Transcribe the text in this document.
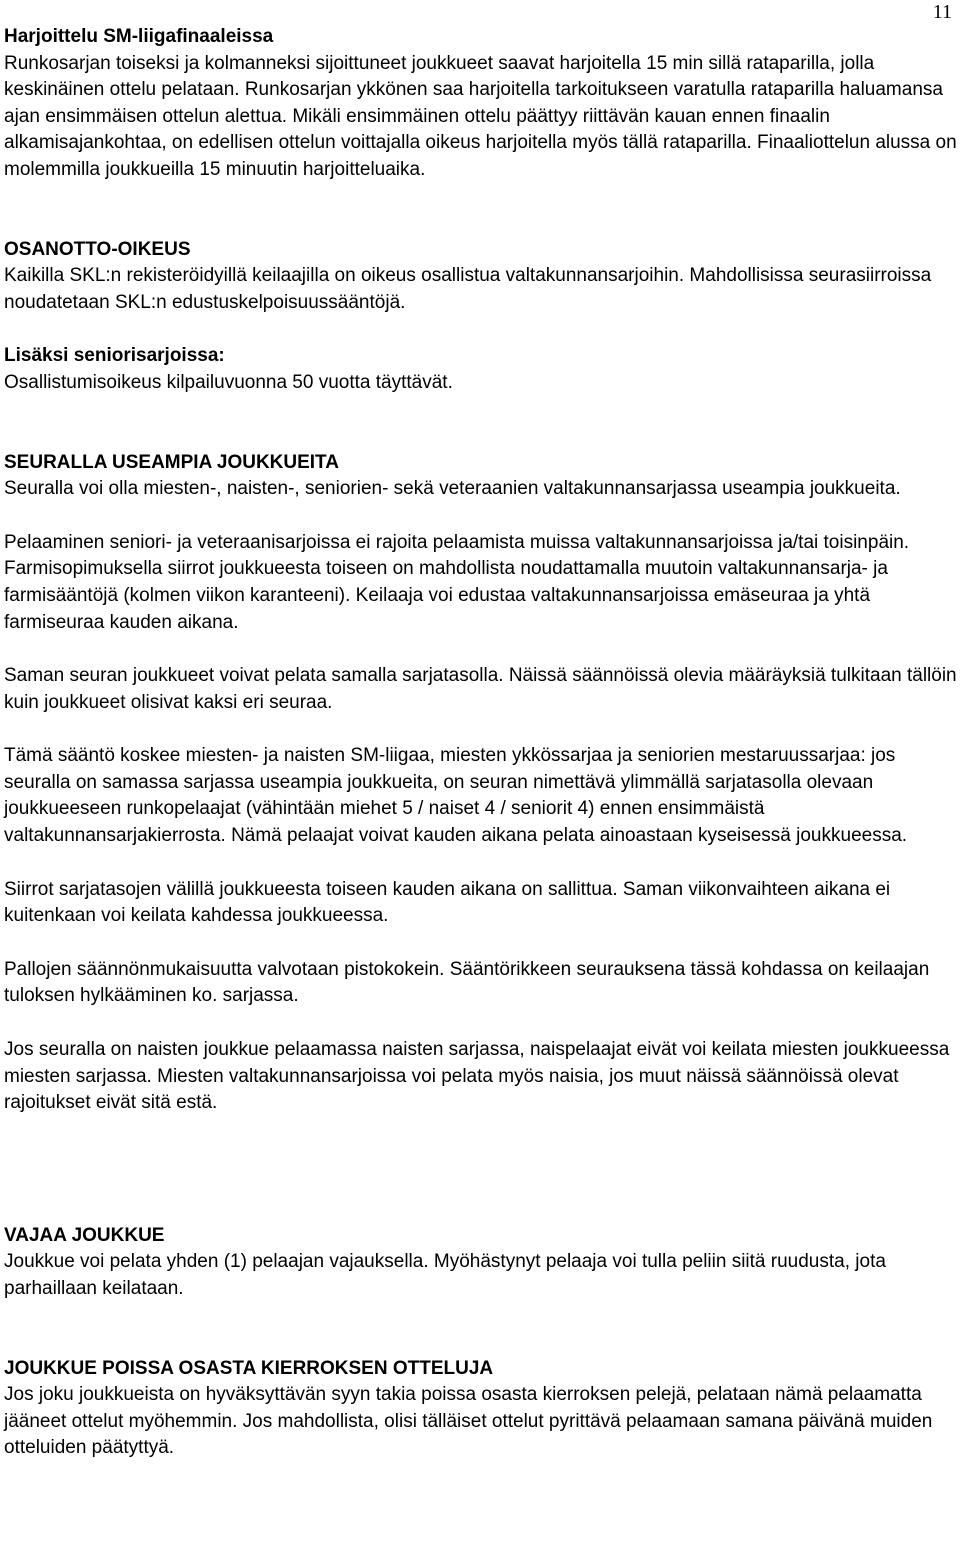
11

Harjoittelu SM-liigafinaaleissa

Runkosarjan toiseksi ja kolmanneksi sijoittuneet joukkueet saavat harjoitella 15 min sillä rataparilla, jolla keskinäinen ottelu pelataan. Runkosarjan ykkönen saa harjoitella tarkoitukseen varatulla rataparilla haluamansa ajan ensimmäisen ottelun alettua. Mikäli ensimmäinen ottelu päättyy riittävän kauan ennen finaalin alkamisajankohtaa, on edellisen ottelun voittajalla oikeus harjoitella myös tällä rataparilla. Finaaliottelun alussa on molemmilla joukkueilla 15 minuutin harjoitteluaika.

OSANOTTO-OIKEUS

Kaikilla SKL:n rekisteröidyillä keilaajilla on oikeus osallistua valtakunnansarjoihin. Mahdollisissa seurasiirroissa noudatetaan SKL:n edustuskelpoisuussääntöjä.

Lisäksi seniorisarjoissa:

Osallistumisoikeus kilpailuvuonna 50 vuotta täyttävät.

SEURALLA USEAMPIA JOUKKUEITA

Seuralla voi olla miesten-, naisten-, seniorien- sekä veteraanien valtakunnansarjassa useampia joukkueita.

Pelaaminen seniori- ja veteraanisarjoissa ei rajoita pelaamista muissa valtakunnansarjoissa ja/tai toisinpäin. Farmisopimuksella siirrot joukkueesta toiseen on mahdollista noudattamalla muutoin valtakunnansarja- ja farmisääntöjä (kolmen viikon karanteeni). Keilaaja voi edustaa valtakunnansarjoissa emäseuraa ja yhtä farmiseuraa kauden aikana.

Saman seuran joukkueet voivat pelata samalla sarjatasolla. Näissä säännöissä olevia määräyksiä tulkitaan tällöin kuin joukkueet olisivat kaksi eri seuraa.

Tämä sääntö koskee miesten- ja naisten SM-liigaa, miesten ykkössarjaa ja seniorien mestaruussarjaa: jos seuralla on samassa sarjassa useampia joukkueita, on seuran nimettävä ylimmällä sarjatasolla olevaan joukkueeseen runkopelaajat (vähintään miehet 5 / naiset 4 / seniorit 4) ennen ensimmäistä valtakunnansarjakierrosta. Nämä pelaajat voivat kauden aikana pelata ainoastaan kyseisessä joukkueessa.

Siirrot sarjatasojen välillä joukkueesta toiseen kauden aikana on sallittua. Saman viikonvaihteen aikana ei kuitenkaan voi keilata kahdessa joukkueessa.

Pallojen säännönmukaisuutta valvotaan pistokokein. Sääntörikkeen seurauksena tässä kohdassa on keilaajan tuloksen hylkääminen ko. sarjassa.

Jos seuralla on naisten joukkue pelaamassa naisten sarjassa, naispelaajat eivät voi keilata miesten joukkueessa miesten sarjassa. Miesten valtakunnansarjoissa voi pelata myös naisia, jos muut näissä säännöissä olevat rajoitukset eivät sitä estä.

VAJAA JOUKKUE

Joukkue voi pelata yhden (1) pelaajan vajauksella. Myöhästynyt pelaaja voi tulla peliin siitä ruudusta, jota parhaillaan keilataan.

JOUKKUE POISSA OSASTA KIERROKSEN OTTELUJA

Jos joku joukkueista on hyväksyttävän syyn takia poissa osasta kierroksen pelejä, pelataan nämä pelaamatta jääneet ottelut myöhemmin. Jos mahdollista, olisi tälläiset ottelut pyrittävä pelaamaan samana päivänä muiden otteluiden päätyttyä.
